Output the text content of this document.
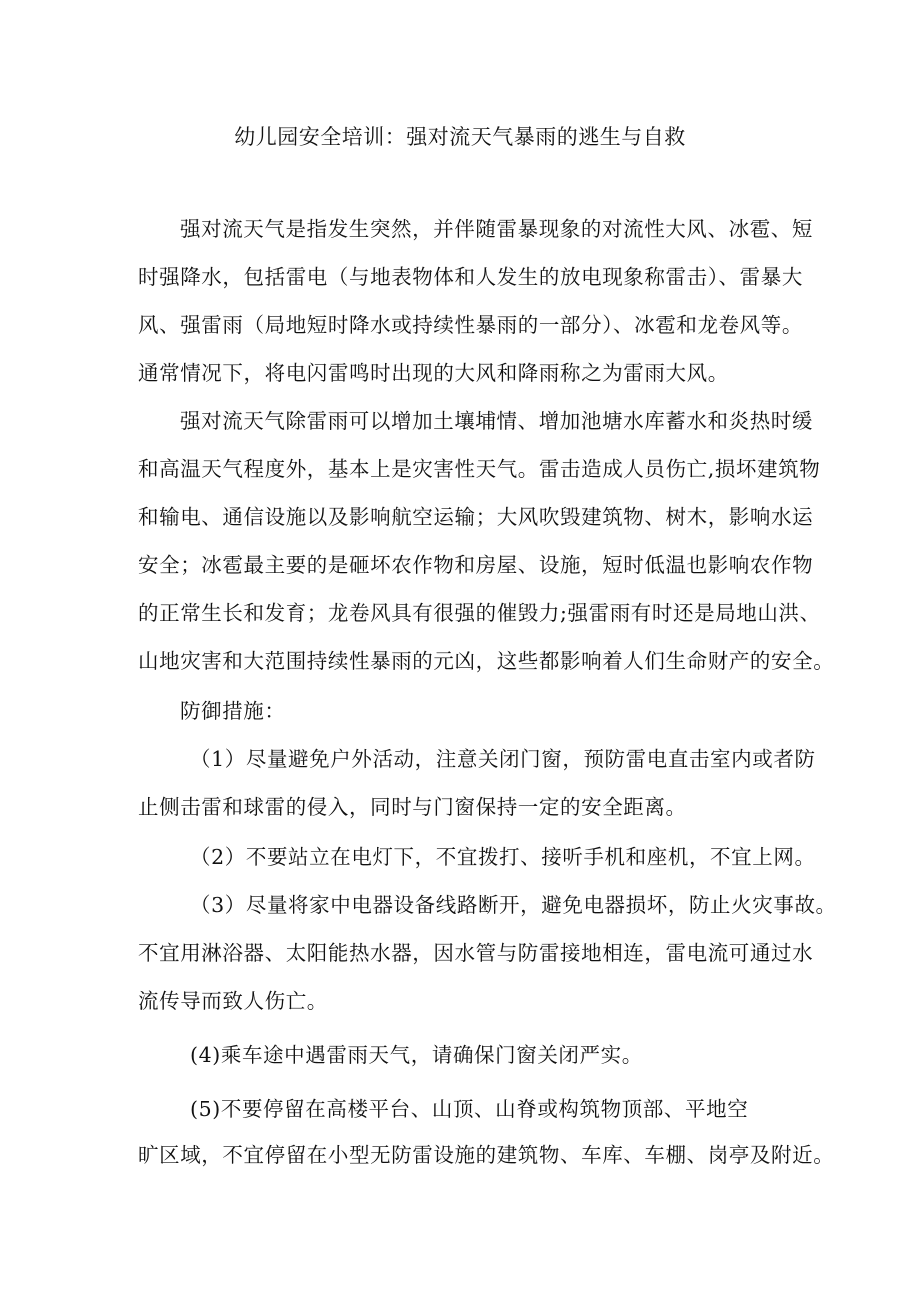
幼儿园安全培训：强对流天气暴雨的逃生与自救
强对流天气是指发生突然，并伴随雷暴现象的对流性大风、冰雹、短
时强降水，包括雷电（与地表物体和人发生的放电现象称雷击）、雷暴大
风、强雷雨（局地短时降水或持续性暴雨的一部分）、冰雹和龙卷风等。
通常情况下，将电闪雷鸣时出现的大风和降雨称之为雷雨大风。
强对流天气除雷雨可以增加土壤埔情、增加池塘水库蓄水和炎热时缓
和高温天气程度外，基本上是灾害性天气。雷击造成人员伤亡,损坏建筑物
和输电、通信设施以及影响航空运输；大风吹毁建筑物、树木，影响水运
安全；冰雹最主要的是砸坏农作物和房屋、设施，短时低温也影响农作物
的正常生长和发育；龙卷风具有很强的催毁力;强雷雨有时还是局地山洪、
山地灾害和大范围持续性暴雨的元凶，这些都影响着人们生命财产的安全。
防御措施：
（1）尽量避免户外活动，注意关闭门窗，预防雷电直击室内或者防
止侧击雷和球雷的侵入，同时与门窗保持一定的安全距离。
（2）不要站立在电灯下，不宜拨打、接听手机和座机，不宜上网。
（3）尽量将家中电器设备线路断开，避免电器损坏，防止火灾事故。
不宜用淋浴器、太阳能热水器，因水管与防雷接地相连，雷电流可通过水
流传导而致人伤亡。
(4)乘车途中遇雷雨天气，请确保门窗关闭严实。
(5)不要停留在高楼平台、山顶、山脊或构筑物顶部、平地空
旷区域，不宜停留在小型无防雷设施的建筑物、车库、车棚、岗亭及附近。
